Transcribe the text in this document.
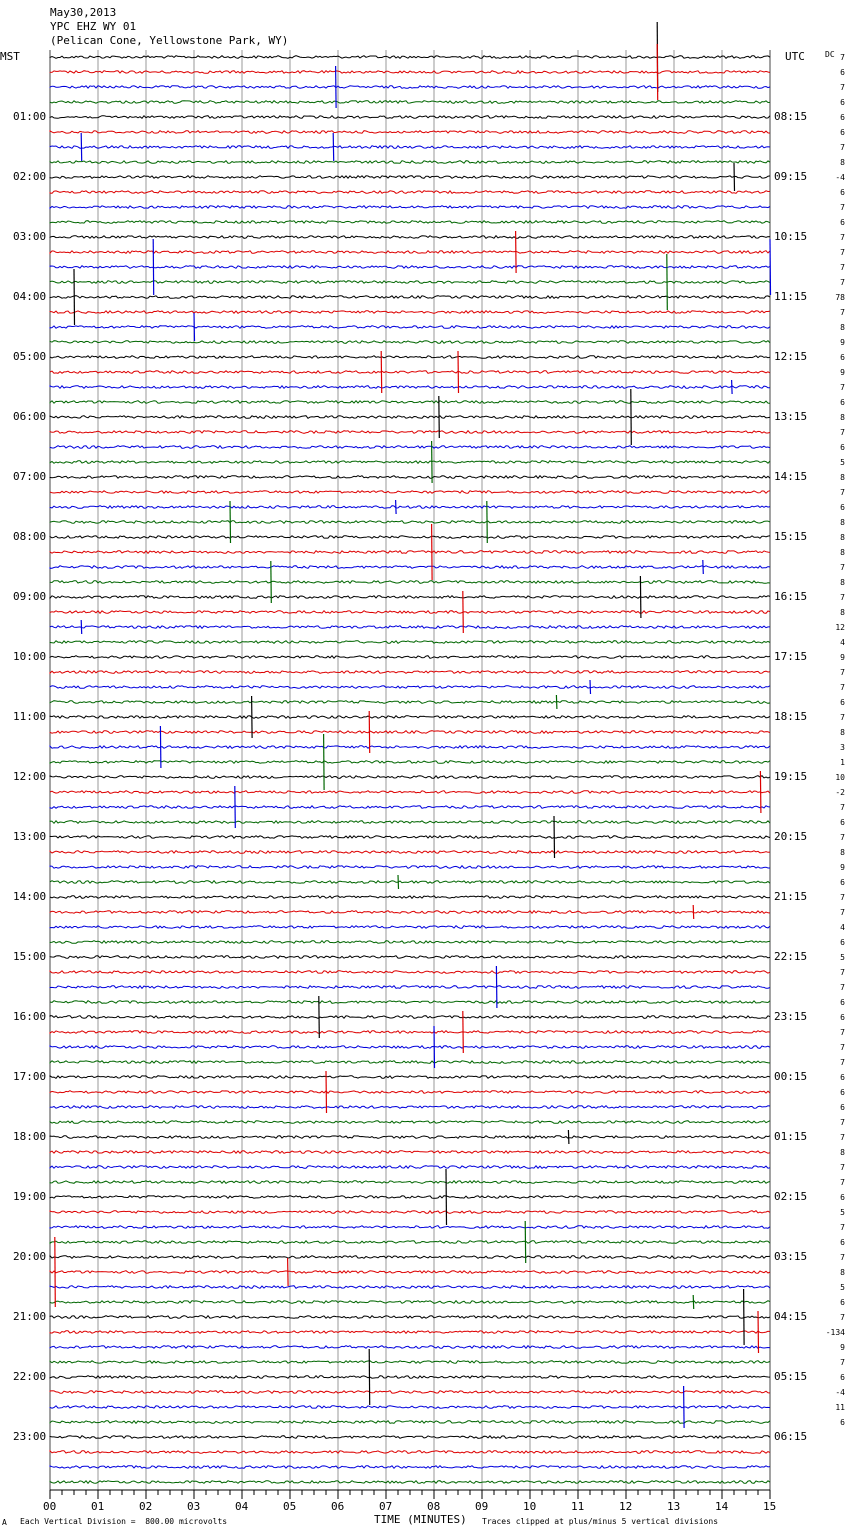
May30,2013
YPC EHZ WY 01
(Pelican Cone, Yellowstone Park, WY)
MST	UTC	DC
01:00
02:00
03:00
04:00
05:00
06:00
07:00
08:00
09:00
10:00
11:00
12:00
13:00
14:00
15:00
16:00
17:00
18:00
19:00
20:00
21:00
22:00
23:00
08:15
09:15
10:15
11:15
12:15
13:15
14:15
15:15
16:15
17:15
18:15
19:15
20:15
21:15
22:15
23:15
00:15
01:15
02:15
03:15
04:15
05:15
06:15
7
6
7
6
6
6
7
8
-4
6
7
6
7
7
7
7
78
7
8
9
6
9
7
6
8
7
6
5
8
7
6
8
8
8
7
8
7
8
12
4
9
7
7
6
7
8
3
1
10
-2
7
6
7
8
9
6
7
7
4
6
5
7
7
6
6
7
7
7
6
6
6
7
7
8
7
7
6
5
7
6
7
8
5
6
7
-134
9
7
6
-4
11
6
00	01	02	03	04	05	06	07	08	09	10	11	12	13	14	15
A Each Vertical Division =  800.00 microvolts	TIME (MINUTES) Traces clipped at plus/minus 5 vertical divisions
